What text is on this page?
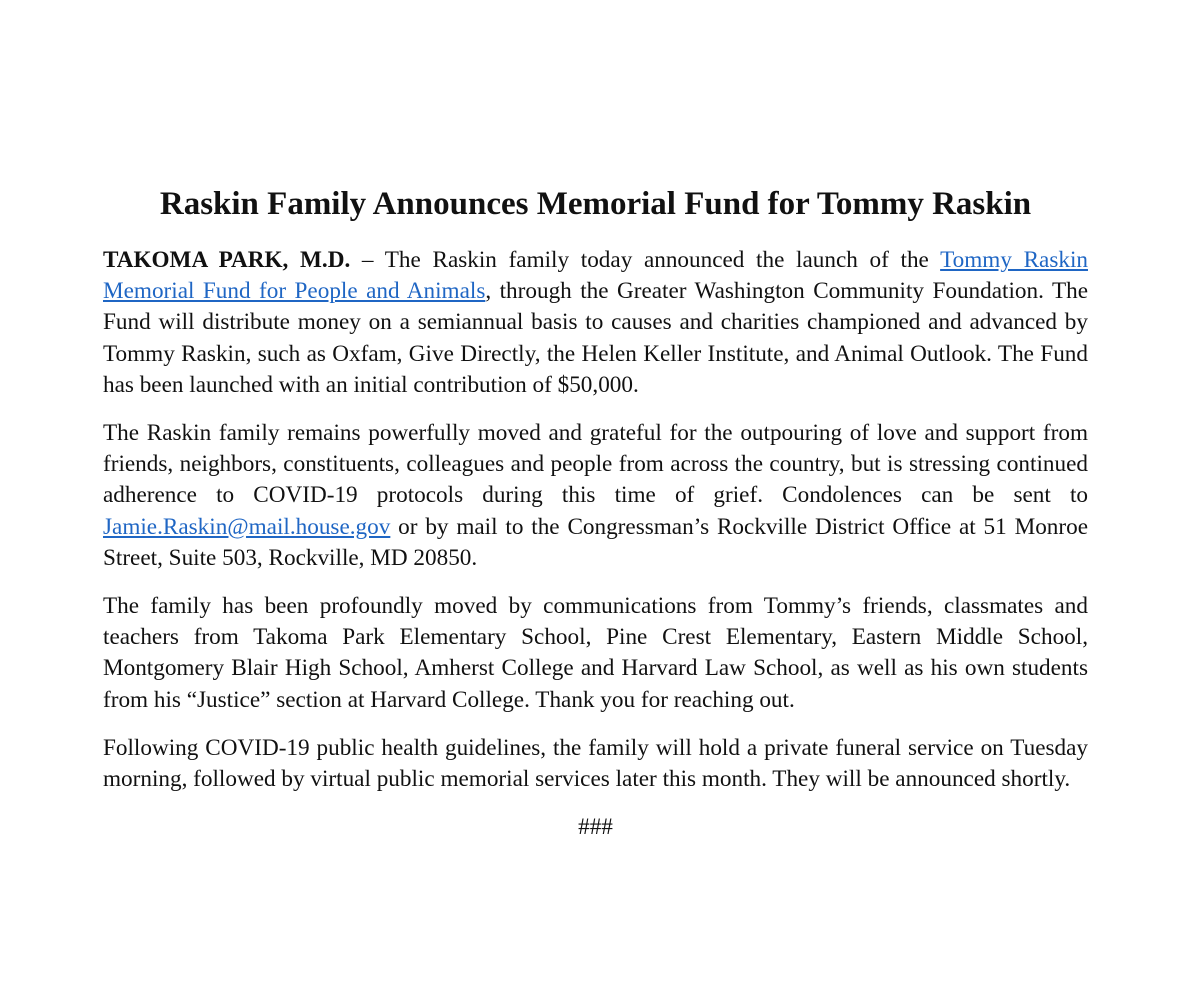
Raskin Family Announces Memorial Fund for Tommy Raskin

TAKOMA PARK, M.D. – The Raskin family today announced the launch of the Tommy Raskin Memorial Fund for People and Animals, through the Greater Washington Community Foundation. The Fund will distribute money on a semiannual basis to causes and charities championed and advanced by Tommy Raskin, such as Oxfam, Give Directly, the Helen Keller Institute, and Animal Outlook. The Fund has been launched with an initial contribution of $50,000.

The Raskin family remains powerfully moved and grateful for the outpouring of love and support from friends, neighbors, constituents, colleagues and people from across the country, but is stressing continued adherence to COVID-19 protocols during this time of grief. Condolences can be sent to Jamie.Raskin@mail.house.gov or by mail to the Congressman’s Rockville District Office at 51 Monroe Street, Suite 503, Rockville, MD 20850.

The family has been profoundly moved by communications from Tommy’s friends, classmates and teachers from Takoma Park Elementary School, Pine Crest Elementary, Eastern Middle School, Montgomery Blair High School, Amherst College and Harvard Law School, as well as his own students from his “Justice” section at Harvard College. Thank you for reaching out.

Following COVID-19 public health guidelines, the family will hold a private funeral service on Tuesday morning, followed by virtual public memorial services later this month. They will be announced shortly.

###
